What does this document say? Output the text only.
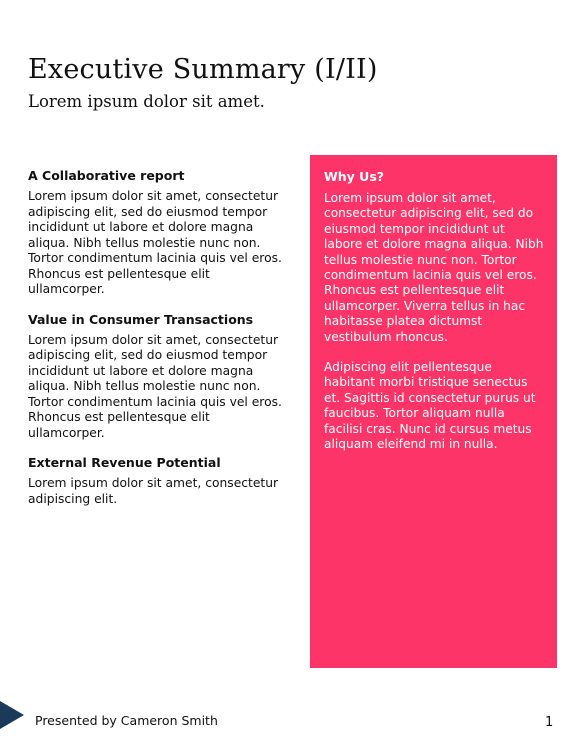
Executive Summary (I/II)
Lorem ipsum dolor sit amet.
A Collaborative report

Lorem ipsum dolor sit amet, consectetur adipiscing elit, sed do eiusmod tempor incididunt ut labore et dolore magna aliqua. Nibh tellus molestie nunc non. Tortor condimentum lacinia quis vel eros. Rhoncus est pellentesque elit ullamcorper.

Value in Consumer Transactions

Lorem ipsum dolor sit amet, consectetur adipiscing elit, sed do eiusmod tempor incididunt ut labore et dolore magna aliqua. Nibh tellus molestie nunc non. Tortor condimentum lacinia quis vel eros. Rhoncus est pellentesque elit ullamcorper.

External Revenue Potential

Lorem ipsum dolor sit amet, consectetur adipiscing elit.

Why Us?

Lorem ipsum dolor sit amet, consectetur adipiscing elit, sed do eiusmod tempor incididunt ut labore et dolore magna aliqua. Nibh tellus molestie nunc non. Tortor condimentum lacinia quis vel eros. Rhoncus est pellentesque elit ullamcorper. Viverra tellus in hac habitasse platea dictumst vestibulum rhoncus.

Adipiscing elit pellentesque habitant morbi tristique senectus et. Sagittis id consectetur purus ut faucibus. Tortor aliquam nulla facilisi cras. Nunc id cursus metus aliquam eleifend mi in nulla.

Presented by Cameron Smith	1
